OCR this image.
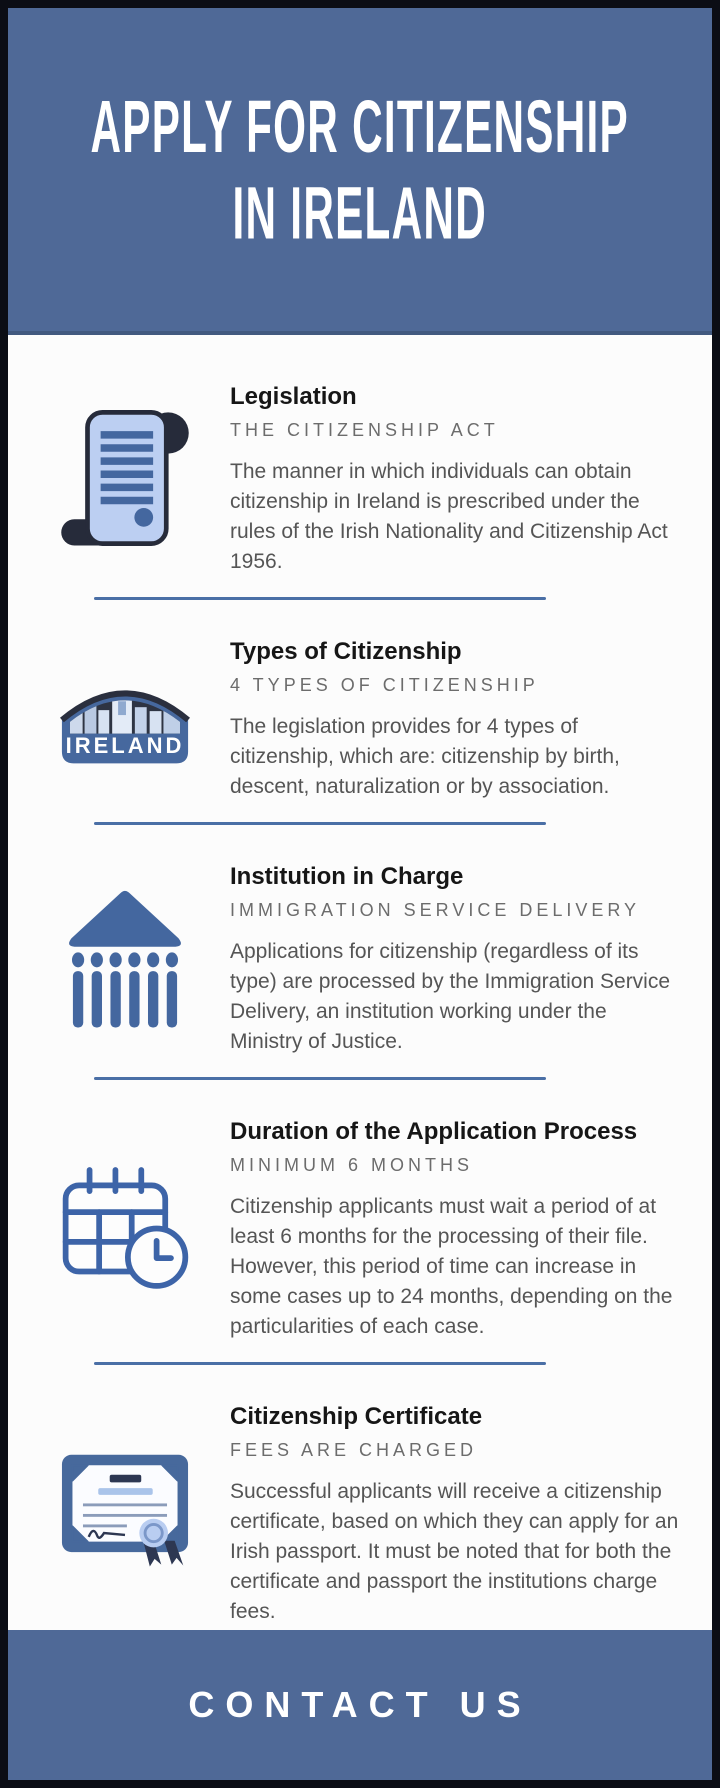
APPLY FOR CITIZENSHIP
IN IRELAND
Legislation
THE CITIZENSHIP ACT
The manner in which individuals can obtain citizenship in Ireland is prescribed under the rules of the Irish Nationality and Citizenship Act 1956.
IRELAND
Types of Citizenship
4 TYPES OF CITIZENSHIP
The legislation provides for 4 types of citizenship, which are: citizenship by birth, descent, naturalization or by association.
Institution in Charge
IMMIGRATION SERVICE DELIVERY
Applications for citizenship (regardless of its type) are processed by the Immigration Service Delivery, an institution working under the Ministry of Justice.
Duration of the Application Process
MINIMUM 6 MONTHS
Citizenship applicants must wait a period of at least 6 months for the processing of their file. However, this period of time can increase in some cases up to 24 months, depending on the particularities of each case.
Citizenship Certificate
FEES ARE CHARGED
Successful applicants will receive a citizenship certificate, based on which they can apply for an Irish passport. It must be noted that for both the certificate and passport the institutions charge fees.
CONTACT US
